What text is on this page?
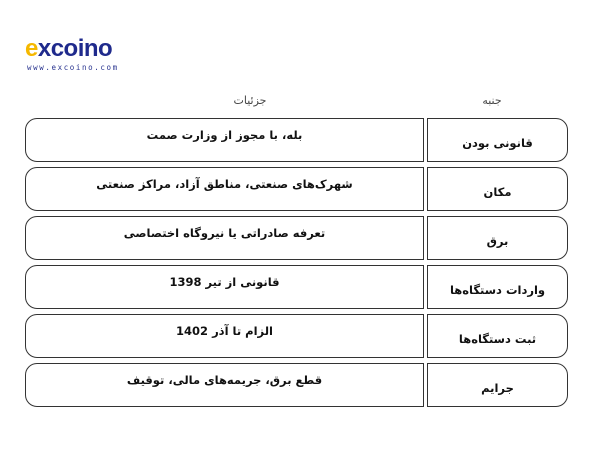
excoino
www.excoino.com
جزئیات	جنبه
بله، با مجوز از وزارت صمت
قانونی بودن
شهرک‌های صنعتی، مناطق آزاد، مراکز صنعتی
مکان
تعرفه صادراتی یا نیروگاه اختصاصی
برق
قانونی از تیر 1398
واردات دستگاه‌ها
الزام تا آذر 1402
ثبت دستگاه‌ها
قطع برق، جریمه‌های مالی، توقیف
جرایم
